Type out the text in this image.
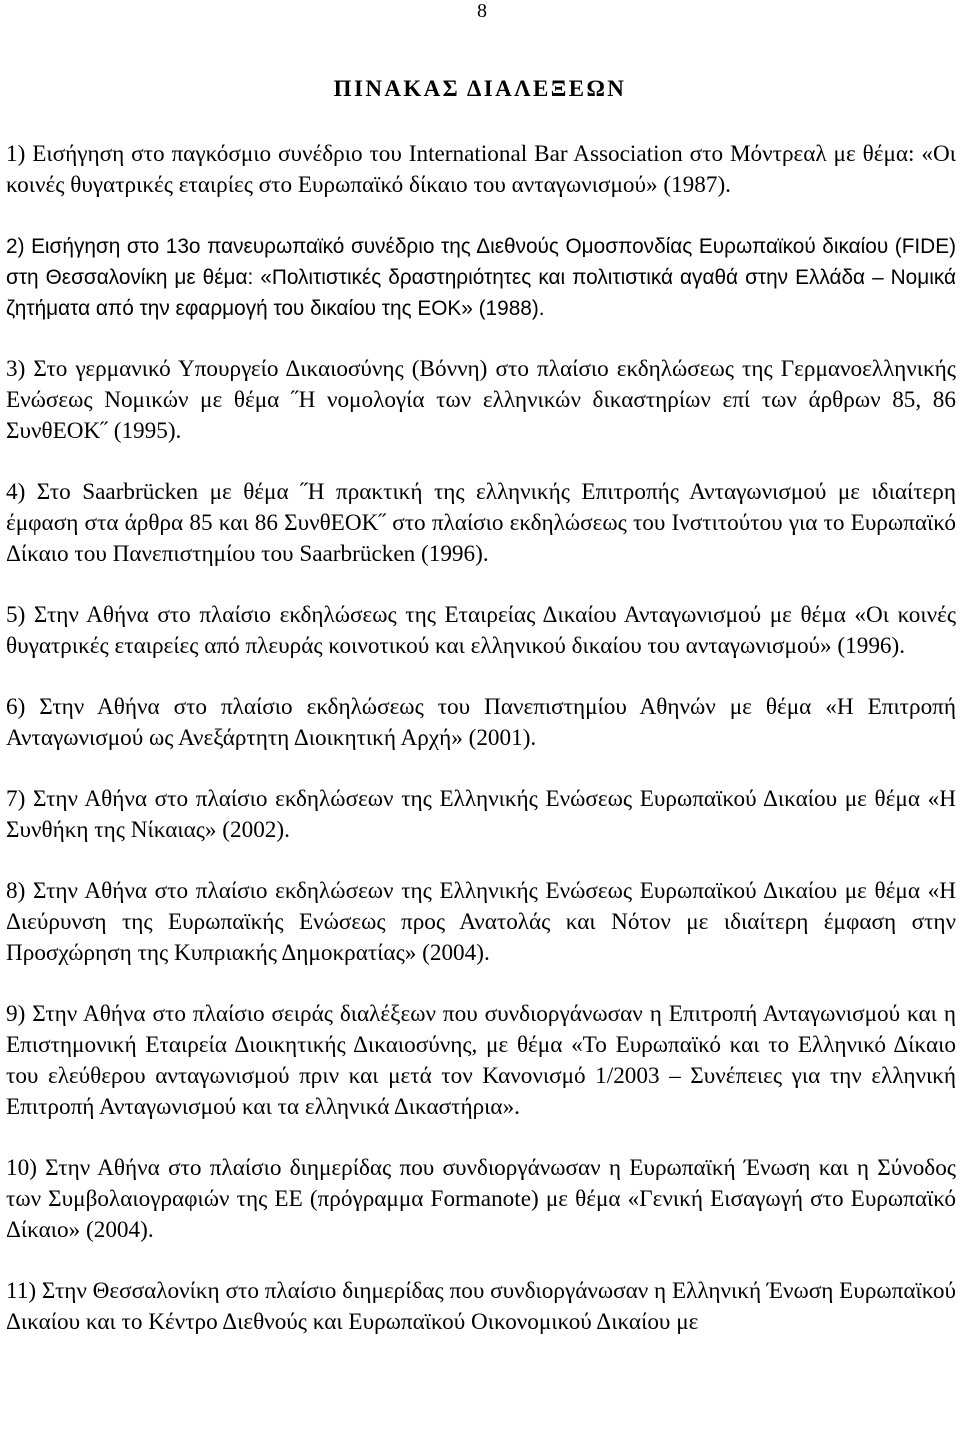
8
ΠΙΝΑΚΑΣ ΔΙΑΛΕΞΕΩΝ

1) Εισήγηση στο παγκόσμιο συνέδριο του International Bar Association στο Μόντρεαλ με θέμα: «Οι κοινές θυγατρικές εταιρίες στο Ευρωπαϊκό δίκαιο του ανταγωνισμού» (1987).

2) Εισήγηση στο 13ο πανευρωπαϊκό συνέδριο της Διεθνούς Ομοσπονδίας Ευρωπαϊκού δικαίου (FIDE) στη Θεσσαλονίκη με θέμα: «Πολιτιστικές δραστηριότητες και πολιτιστικά αγαθά στην Ελλάδα – Νομικά ζητήματα από την εφαρμογή του δικαίου της ΕΟΚ» (1988).

3) Στο γερμανικό Υπουργείο Δικαιοσύνης (Βόννη) στο πλαίσιο εκδηλώσεως της Γερμανοελληνικής Ενώσεως Νομικών με θέμα ˝Η νομολογία των ελληνικών δικαστηρίων επί των άρθρων 85, 86 ΣυνθΕΟΚ˝ (1995).

4) Στο Saarbrücken με θέμα ˝Η πρακτική της ελληνικής Επιτροπής Ανταγωνισμού με ιδιαίτερη έμφαση στα άρθρα 85 και 86 ΣυνθΕΟΚ˝ στο πλαίσιο εκδηλώσεως του Ινστιτούτου για το Ευρωπαϊκό Δίκαιο του Πανεπιστημίου του Saarbrücken (1996).

5) Στην Αθήνα στο πλαίσιο εκδηλώσεως της Εταιρείας Δικαίου Ανταγωνισμού με θέμα «Οι κοινές θυγατρικές εταιρείες από πλευράς κοινοτικού και ελληνικού δικαίου του ανταγωνισμού» (1996).

6) Στην Αθήνα στο πλαίσιο εκδηλώσεως του Πανεπιστημίου Αθηνών με θέμα «Η Επιτροπή Ανταγωνισμού ως Ανεξάρτητη Διοικητική Αρχή» (2001).

7) Στην Αθήνα στο πλαίσιο εκδηλώσεων της Ελληνικής Ενώσεως Ευρωπαϊκού Δικαίου με θέμα «Η Συνθήκη της Νίκαιας» (2002).

8) Στην Αθήνα στο πλαίσιο εκδηλώσεων της Ελληνικής Ενώσεως Ευρωπαϊκού Δικαίου με θέμα «Η Διεύρυνση της Ευρωπαϊκής Ενώσεως προς Ανατολάς και Νότον με ιδιαίτερη έμφαση στην Προσχώρηση της Κυπριακής Δημοκρατίας» (2004).

9) Στην Αθήνα στο πλαίσιο σειράς διαλέξεων που συνδιοργάνωσαν η Επιτροπή Ανταγωνισμού και η Επιστημονική Εταιρεία Διοικητικής Δικαιοσύνης, με θέμα «Το Ευρωπαϊκό και το Ελληνικό Δίκαιο του ελεύθερου ανταγωνισμού πριν και μετά τον Κανονισμό 1/2003 – Συνέπειες για την ελληνική Επιτροπή Ανταγωνισμού και τα ελληνικά Δικαστήρια».

10) Στην Αθήνα στο πλαίσιο διημερίδας που συνδιοργάνωσαν η Ευρωπαϊκή Ένωση και η Σύνοδος των Συμβολαιογραφιών της ΕΕ (πρόγραμμα Formanote) με θέμα «Γενική Εισαγωγή στο Ευρωπαϊκό Δίκαιο» (2004).

11) Στην Θεσσαλονίκη στο πλαίσιο διημερίδας που συνδιοργάνωσαν η Ελληνική Ένωση Ευρωπαϊκού Δικαίου και το Κέντρο Διεθνούς και Ευρωπαϊκού Οικονομικού Δικαίου με
